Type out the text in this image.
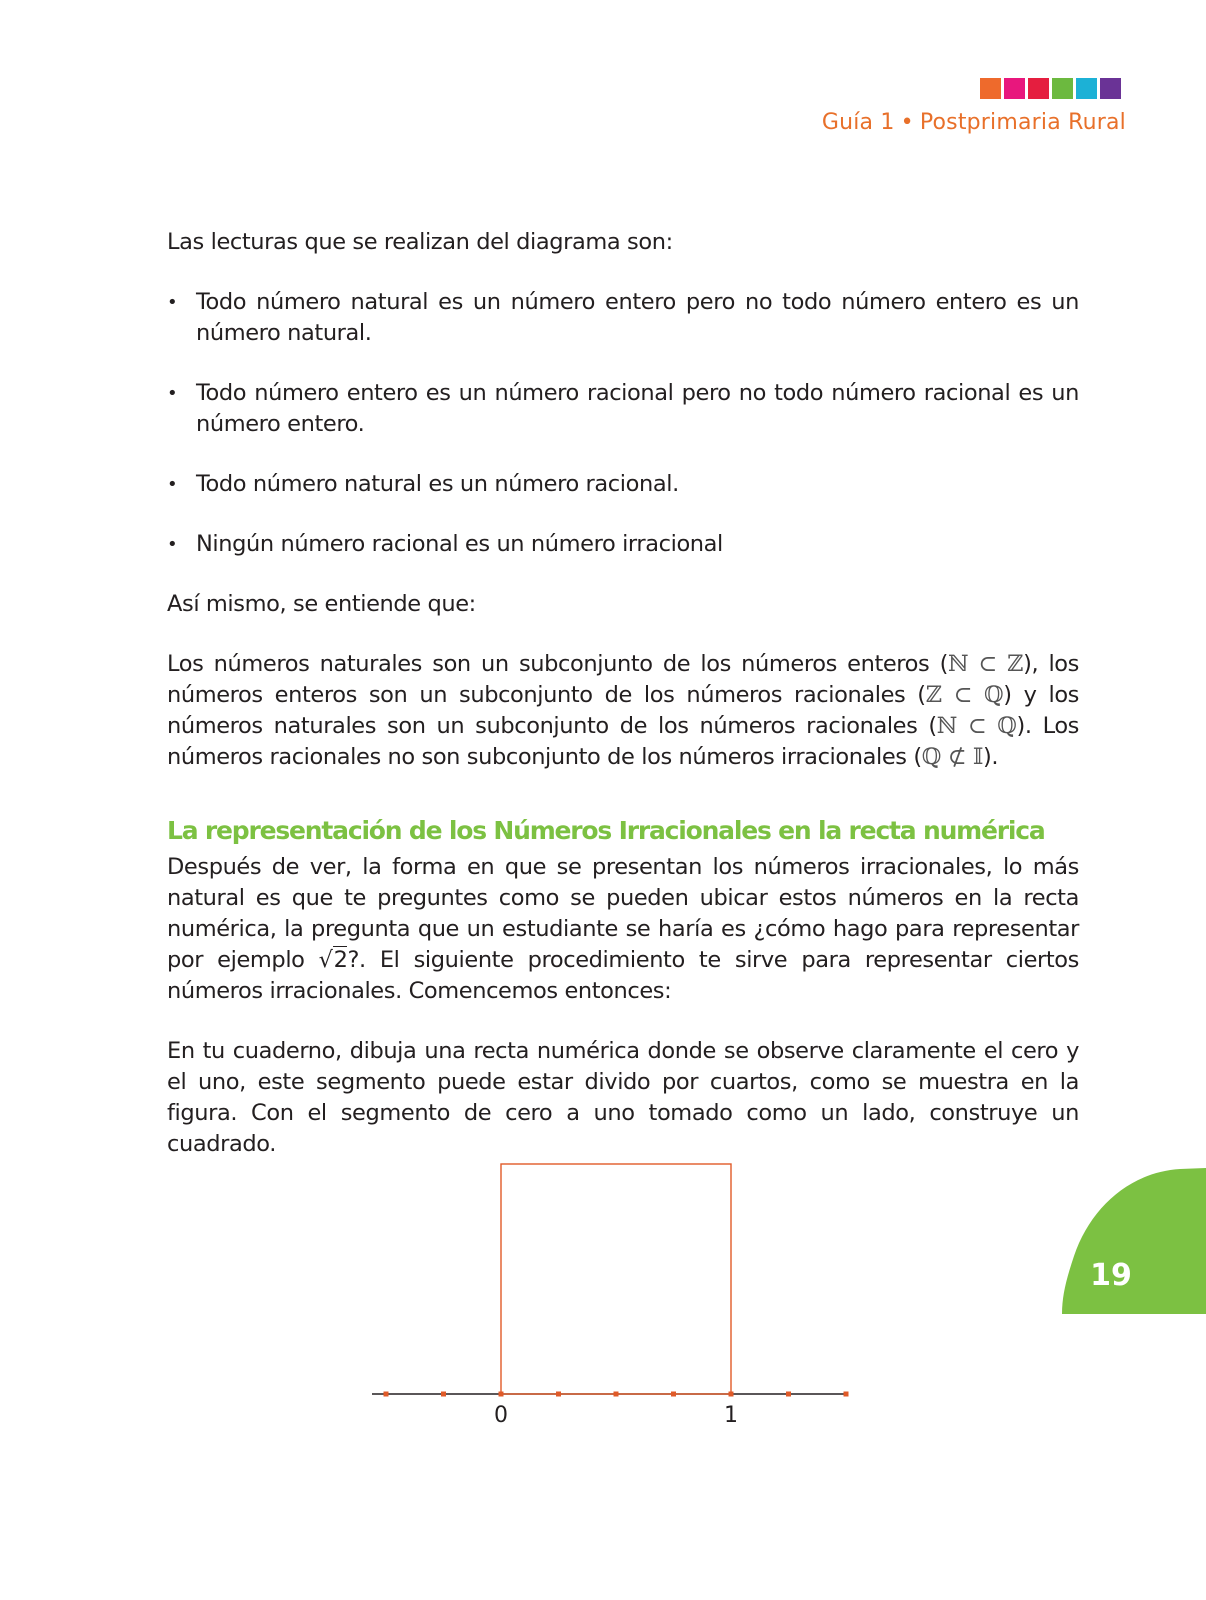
Guía 1 • Postprimaria Rural

Las lecturas que se realizan del diagrama son:

• Todo número natural es un número entero pero no todo número entero es un número natural.
• Todo número entero es un número racional pero no todo número racional es un número entero.
• Todo número natural es un número racional.
• Ningún número racional es un número irracional

Así mismo, se entiende que:

Los números naturales son un subconjunto de los números enteros (ℕ ⊂ ℤ), los números enteros son un subconjunto de los números racionales (ℤ ⊂ ℚ) y los números naturales son un subconjunto de los números racionales (ℕ ⊂ ℚ). Los números racionales no son subconjunto de los números irracionales (ℚ ⊄ 𝕀).

La representación de los Números Irracionales en la recta numérica

Después de ver, la forma en que se presentan los números irracionales, lo más natural es que te preguntes como se pueden ubicar estos números en la recta numérica, la pregunta que un estudiante se haría es ¿cómo hago para representar por ejemplo √2?. El siguiente procedimiento te sirve para representar ciertos números irracionales. Comencemos entonces:

En tu cuaderno, dibuja una recta numérica donde se observe claramente el cero y el uno, este segmento puede estar divido por cuartos, como se muestra en la figura. Con el segmento de cero a uno tomado como un lado, construye un cuadrado.

0	1
19
